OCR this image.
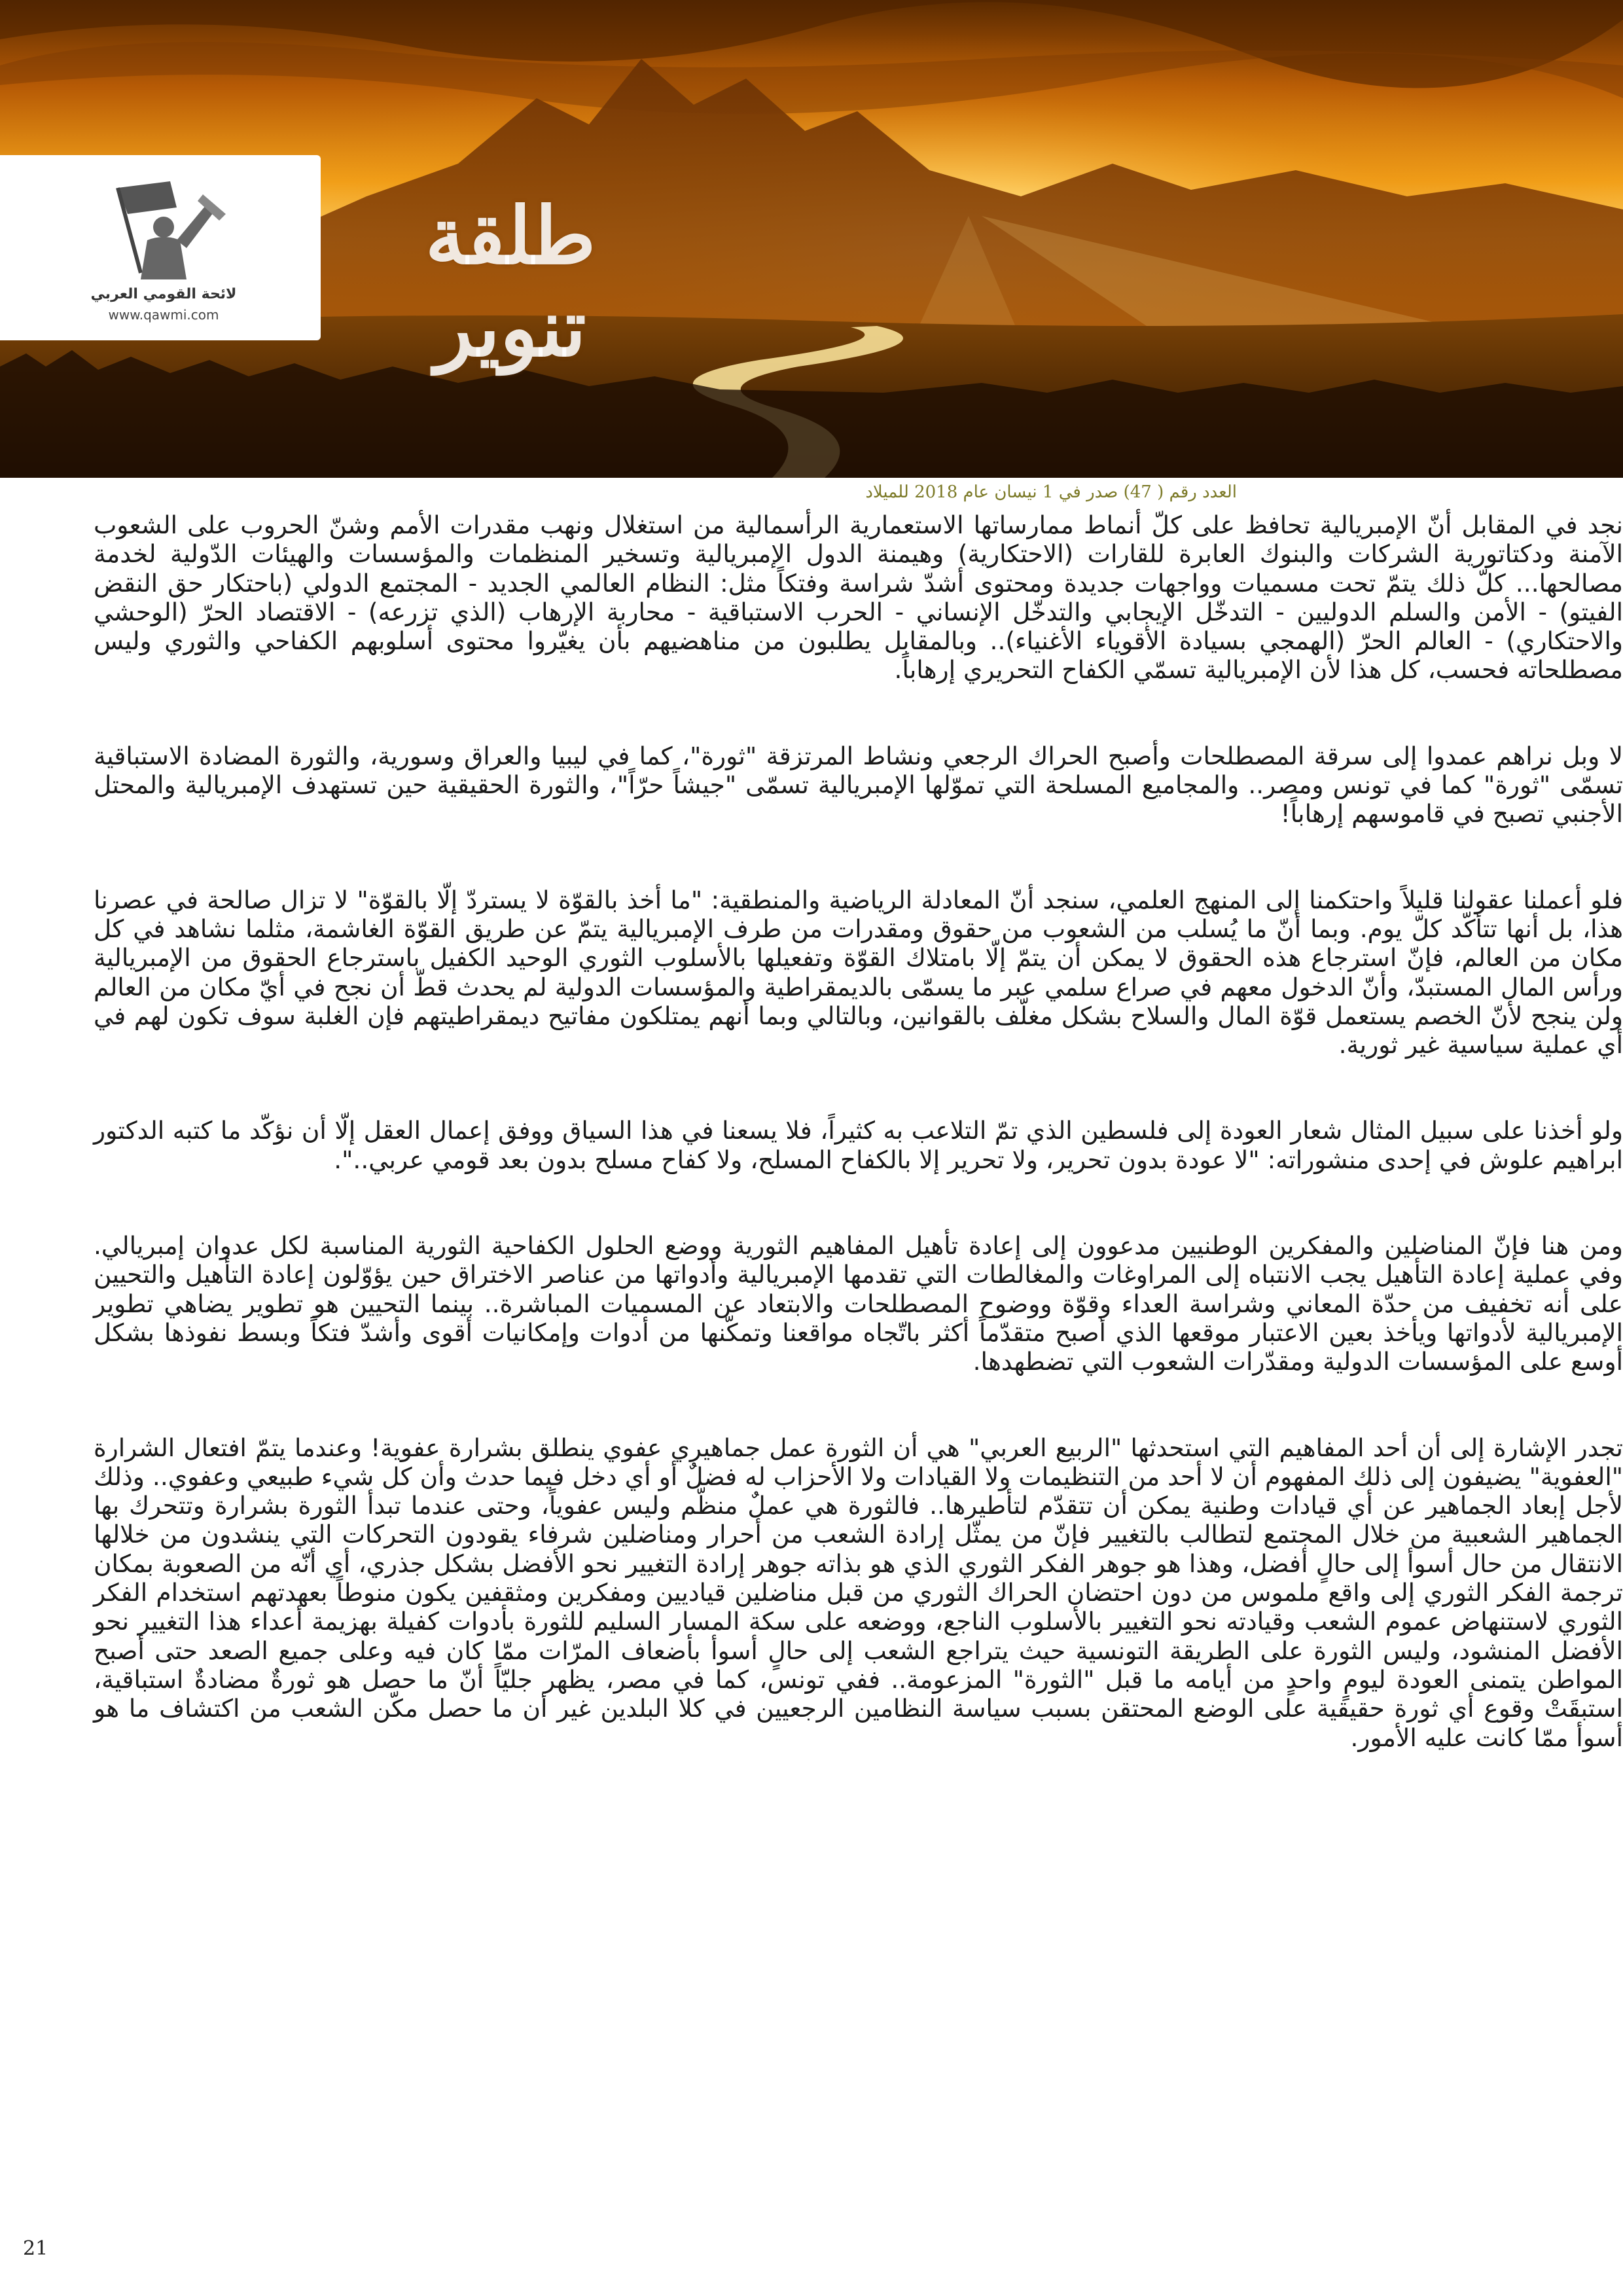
لائحة القومي العربي
www.qawmi.com
طلقة تنوير
العدد رقم ( 47) صدر في 1 نيسان عام 2018 للميلاد

نجد في المقابل أنّ الإمبريالية تحافظ على كلّ أنماط ممارساتها الاستعمارية الرأسمالية من استغلال ونهب مقدرات الأمم وشنّ الحروب على الشعوب الآمنة ودكتاتورية الشركات والبنوك العابرة للقارات (الاحتكارية) وهيمنة الدول الإمبريالية وتسخير المنظمات والمؤسسات والهيئات الدّولية لخدمة مصالحها... كلّ ذلك يتمّ تحت مسميات وواجهات جديدة ومحتوى أشدّ شراسة وفتكاً مثل: النظام العالمي الجديد - المجتمع الدولي (باحتكار حق النقض الفيتو) - الأمن والسلم الدوليين - التدخّل الإيجابي والتدخّل الإنساني - الحرب الاستباقية - محاربة الإرهاب (الذي تزرعه) - الاقتصاد الحرّ (الوحشي والاحتكاري) - العالم الحرّ (الهمجي بسيادة الأقوياء الأغنياء).. وبالمقابل يطلبون من مناهضيهم بأن يغيّروا محتوى أسلوبهم الكفاحي والثوري وليس مصطلحاته فحسب، كل هذا لأن الإمبريالية تسمّي الكفاح التحريري إرهاباً.

لا وبل نراهم عمدوا إلى سرقة المصطلحات وأصبح الحراك الرجعي ونشاط المرتزقة "ثورة"، كما في ليبيا والعراق وسورية، والثورة المضادة الاستباقية تسمّى "ثورة" كما في تونس ومصر.. والمجاميع المسلحة التي تموّلها الإمبريالية تسمّى "جيشاً حرّاً"، والثورة الحقيقية حين تستهدف الإمبريالية والمحتل الأجنبي تصبح في قاموسهم إرهاباً!

فلو أعملنا عقولنا قليلاً واحتكمنا إلى المنهج العلمي، سنجد أنّ المعادلة الرياضية والمنطقية: "ما أخذ بالقوّة لا يستردّ إلّا بالقوّة" لا تزال صالحة في عصرنا هذا، بل أنها تتأكّد كلّ يوم. وبما أنّ ما يُسلب من الشعوب من حقوق ومقدرات من طرف الإمبريالية يتمّ عن طريق القوّة الغاشمة، مثلما نشاهد في كل مكان من العالم، فإنّ استرجاع هذه الحقوق لا يمكن أن يتمّ إلّا بامتلاك القوّة وتفعيلها بالأسلوب الثوري الوحيد الكفيل باسترجاع الحقوق من الإمبريالية ورأس المال المستبدّ، وأنّ الدخول معهم في صراع سلمي عبر ما يسمّى بالديمقراطية والمؤسسات الدولية لم يحدث قطّ أن نجح في أيّ مكان من العالم ولن ينجح لأنّ الخصم يستعمل قوّة المال والسلاح بشكل مغلّف بالقوانين، وبالتالي وبما أنهم يمتلكون مفاتيح ديمقراطيتهم فإن الغلبة سوف تكون لهم في أي عملية سياسية غير ثورية.

ولو أخذنا على سبيل المثال شعار العودة إلى فلسطين الذي تمّ التلاعب به كثيراً، فلا يسعنا في هذا السياق ووفق إعمال العقل إلّا أن نؤكّد ما كتبه الدكتور ابراهيم علوش في إحدى منشوراته: "لا عودة بدون تحرير، ولا تحرير إلا بالكفاح المسلح، ولا كفاح مسلح بدون بعد قومي عربي..".

ومن هنا فإنّ المناضلين والمفكرين الوطنيين مدعوون إلى إعادة تأهيل المفاهيم الثورية ووضع الحلول الكفاحية الثورية المناسبة لكل عدوان إمبريالي. وفي عملية إعادة التأهيل يجب الانتباه إلى المراوغات والمغالطات التي تقدمها الإمبريالية وأدواتها من عناصر الاختراق حين يؤوّلون إعادة التأهيل والتحيين على أنه تخفيف من حدّة المعاني وشراسة العداء وقوّة ووضوح المصطلحات والابتعاد عن المسميات المباشرة.. بينما التحيين هو تطوير يضاهي تطوير الإمبريالية لأدواتها ويأخذ بعين الاعتبار موقعها الذي أصبح متقدّماً أكثر باتّجاه مواقعنا وتمكّنها من أدوات وإمكانيات أقوى وأشدّ فتكاً وبسط نفوذها بشكل أوسع على المؤسسات الدولية ومقدّرات الشعوب التي تضطهدها.

تجدر الإشارة إلى أن أحد المفاهيم التي استحدثها "الربيع العربي" هي أن الثورة عمل جماهيري عفوي ينطلق بشرارة عفوية! وعندما يتمّ افتعال الشرارة "العفوية" يضيفون إلى ذلك المفهوم أن لا أحد من التنظيمات ولا القيادات ولا الأحزاب له فضلٌ أو أي دخل فيما حدث وأن كل شيء طبيعي وعفوي.. وذلك لأجل إبعاد الجماهير عن أي قيادات وطنية يمكن أن تتقدّم لتأطيرها.. فالثورة هي عملٌ منظّم وليس عفوياً، وحتى عندما تبدأ الثورة بشرارة وتتحرك بها الجماهير الشعبية من خلال المجتمع لتطالب بالتغيير فإنّ من يمثّل إرادة الشعب من أحرار ومناضلين شرفاء يقودون التحركات التي ينشدون من خلالها الانتقال من حال أسوأ إلى حالٍ أفضل، وهذا هو جوهر الفكر الثوري الذي هو بذاته جوهر إرادة التغيير نحو الأفضل بشكل جذري، أي أنّه من الصعوبة بمكان ترجمة الفكر الثوري إلى واقع ملموس من دون احتضان الحراك الثوري من قبل مناضلين قياديين ومفكرين ومثقفين يكون منوطاً بعهدتهم استخدام الفكر الثوري لاستنهاض عموم الشعب وقيادته نحو التغيير بالأسلوب الناجع، ووضعه على سكة المسار السليم للثورة بأدوات كفيلة بهزيمة أعداء هذا التغيير نحو الأفضل المنشود، وليس الثورة على الطريقة التونسية حيث يتراجع الشعب إلى حالٍ أسوأ بأضعاف المرّات ممّا كان فيه وعلى جميع الصعد حتى أصبح المواطن يتمنى العودة ليومٍ واحدٍ من أيامه ما قبل "الثورة" المزعومة.. ففي تونس، كما في مصر، يظهر جليّاً أنّ ما حصل هو ثورةٌ مضادةٌ استباقية، استبقَتْ وقوع أي ثورة حقيقية على الوضع المحتقن بسبب سياسة النظامين الرجعيين في كلا البلدين غير أن ما حصل مكّن الشعب من اكتشاف ما هو أسوأ ممّا كانت عليه الأمور.

21
